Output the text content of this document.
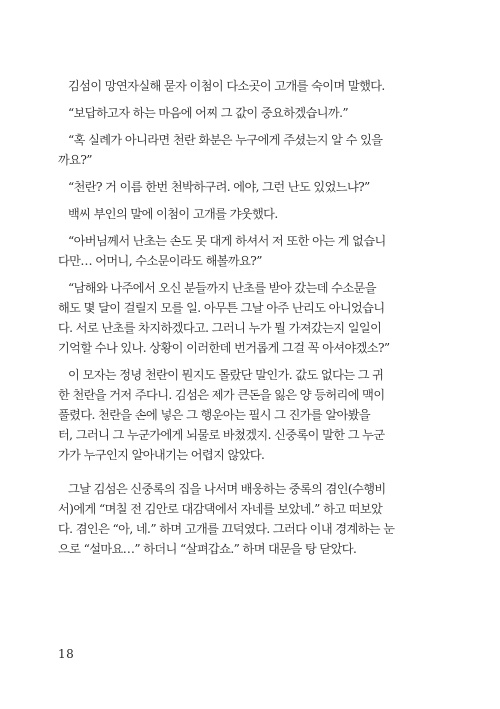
김섬이 망연자실해 묻자 이첨이 다소곳이 고개를 숙이며 말했다.

“보답하고자 하는 마음에 어찌 그 값이 중요하겠습니까.”

“혹 실례가 아니라면 천란 화분은 누구에게 주셨는지 알 수 있을

까요?”

“천란? 거 이름 한번 천박하구려. 에야, 그런 난도 있었느냐?”

백씨 부인의 말에 이첨이 고개를 갸웃했다.

“아버님께서 난초는 손도 못 대게 하셔서 저 또한 아는 게 없습니

다만… 어머니, 수소문이라도 해볼까요?”

“남해와 나주에서 오신 분들까지 난초를 받아 갔는데 수소문을

해도 몇 달이 걸릴지 모를 일. 아무튼 그날 아주 난리도 아니었습니

다. 서로 난초를 차지하겠다고. 그러니 누가 뭘 가져갔는지 일일이

기억할 수나 있나. 상황이 이러한데 번거롭게 그걸 꼭 아셔야겠소?”

이 모자는 정녕 천란이 뭔지도 몰랐단 말인가. 값도 없다는 그 귀

한 천란을 거저 주다니. 김섬은 제가 큰돈을 잃은 양 등허리에 맥이

풀렸다. 천란을 손에 넣은 그 행운아는 필시 그 진가를 알아봤을

터, 그러니 그 누군가에게 뇌물로 바쳤겠지. 신중록이 말한 그 누군

가가 누구인지 알아내기는 어렵지 않았다.

그날 김섬은 신중록의 집을 나서며 배웅하는 중록의 겸인(수행비

서)에게 “며칠 전 김안로 대감댁에서 자네를 보았네.” 하고 떠보았

다. 겸인은 “아, 네.” 하며 고개를 끄덕였다. 그러다 이내 경계하는 눈

으로 “설마요…” 하더니 “살펴갑쇼.” 하며 대문을 탕 닫았다.

18
